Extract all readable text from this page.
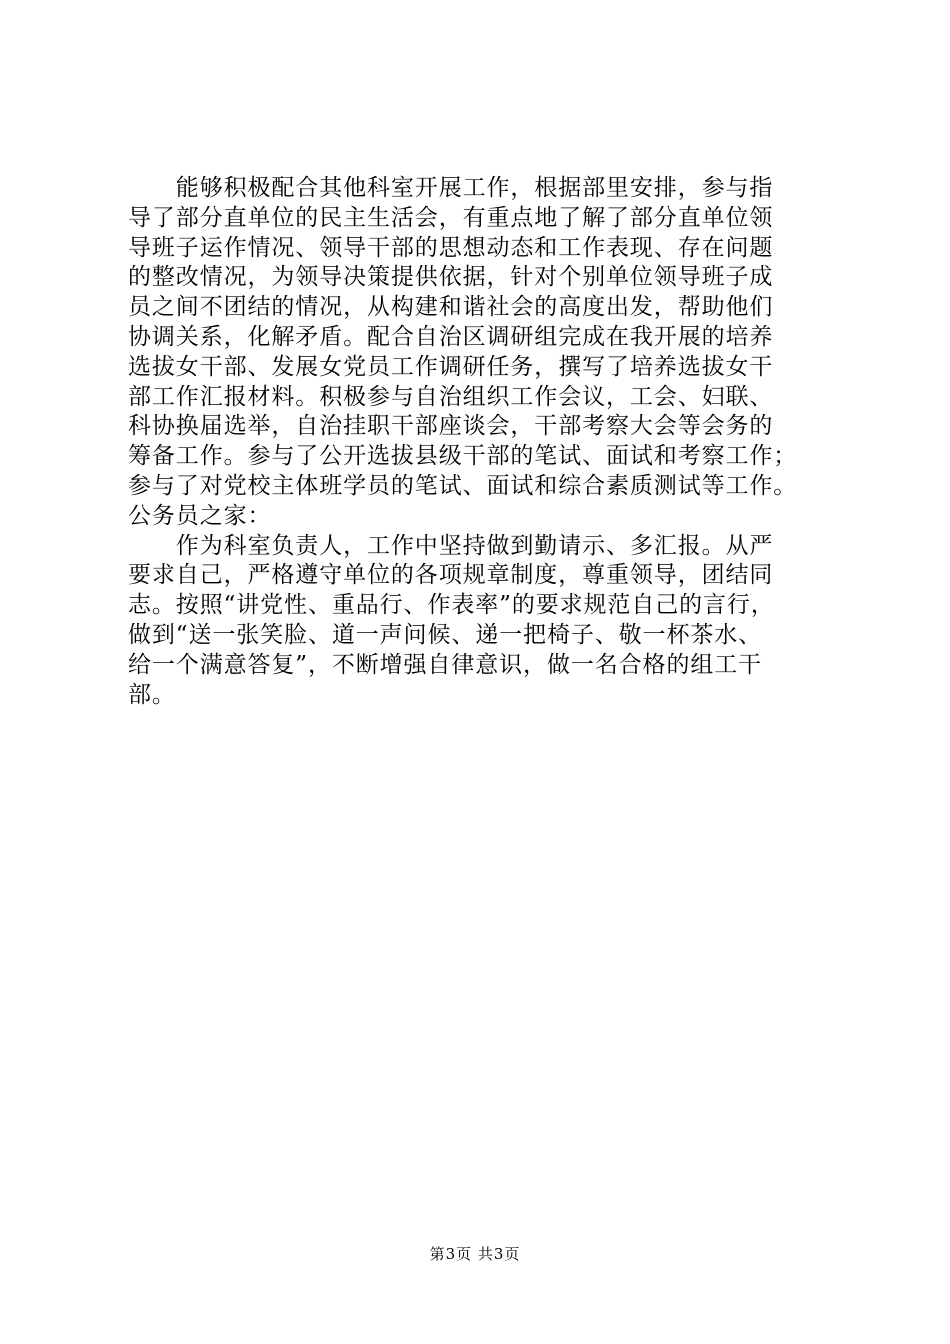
　　能够积极配合其他科室开展工作，根据部里安排，参与指
导了部分直单位的民主生活会，有重点地了解了部分直单位领
导班子运作情况、领导干部的思想动态和工作表现、存在问题
的整改情况，为领导决策提供依据，针对个别单位领导班子成
员之间不团结的情况，从构建和谐社会的高度出发，帮助他们
协调关系，化解矛盾。配合自治区调研组完成在我开展的培养
选拔女干部、发展女党员工作调研任务，撰写了培养选拔女干
部工作汇报材料。积极参与自治组织工作会议，工会、妇联、
科协换届选举，自治挂职干部座谈会，干部考察大会等会务的
筹备工作。参与了公开选拔县级干部的笔试、面试和考察工作；
参与了对党校主体班学员的笔试、面试和综合素质测试等工作。
公务员之家：
　　作为科室负责人，工作中坚持做到勤请示、多汇报。从严
要求自己，严格遵守单位的各项规章制度，尊重领导，团结同
志。按照“讲党性、重品行、作表率”的要求规范自己的言行，
做到“送一张笑脸、道一声问候、递一把椅子、敬一杯茶水、
给一个满意答复”，不断增强自律意识，做一名合格的组工干
部。
第3页 共3页
